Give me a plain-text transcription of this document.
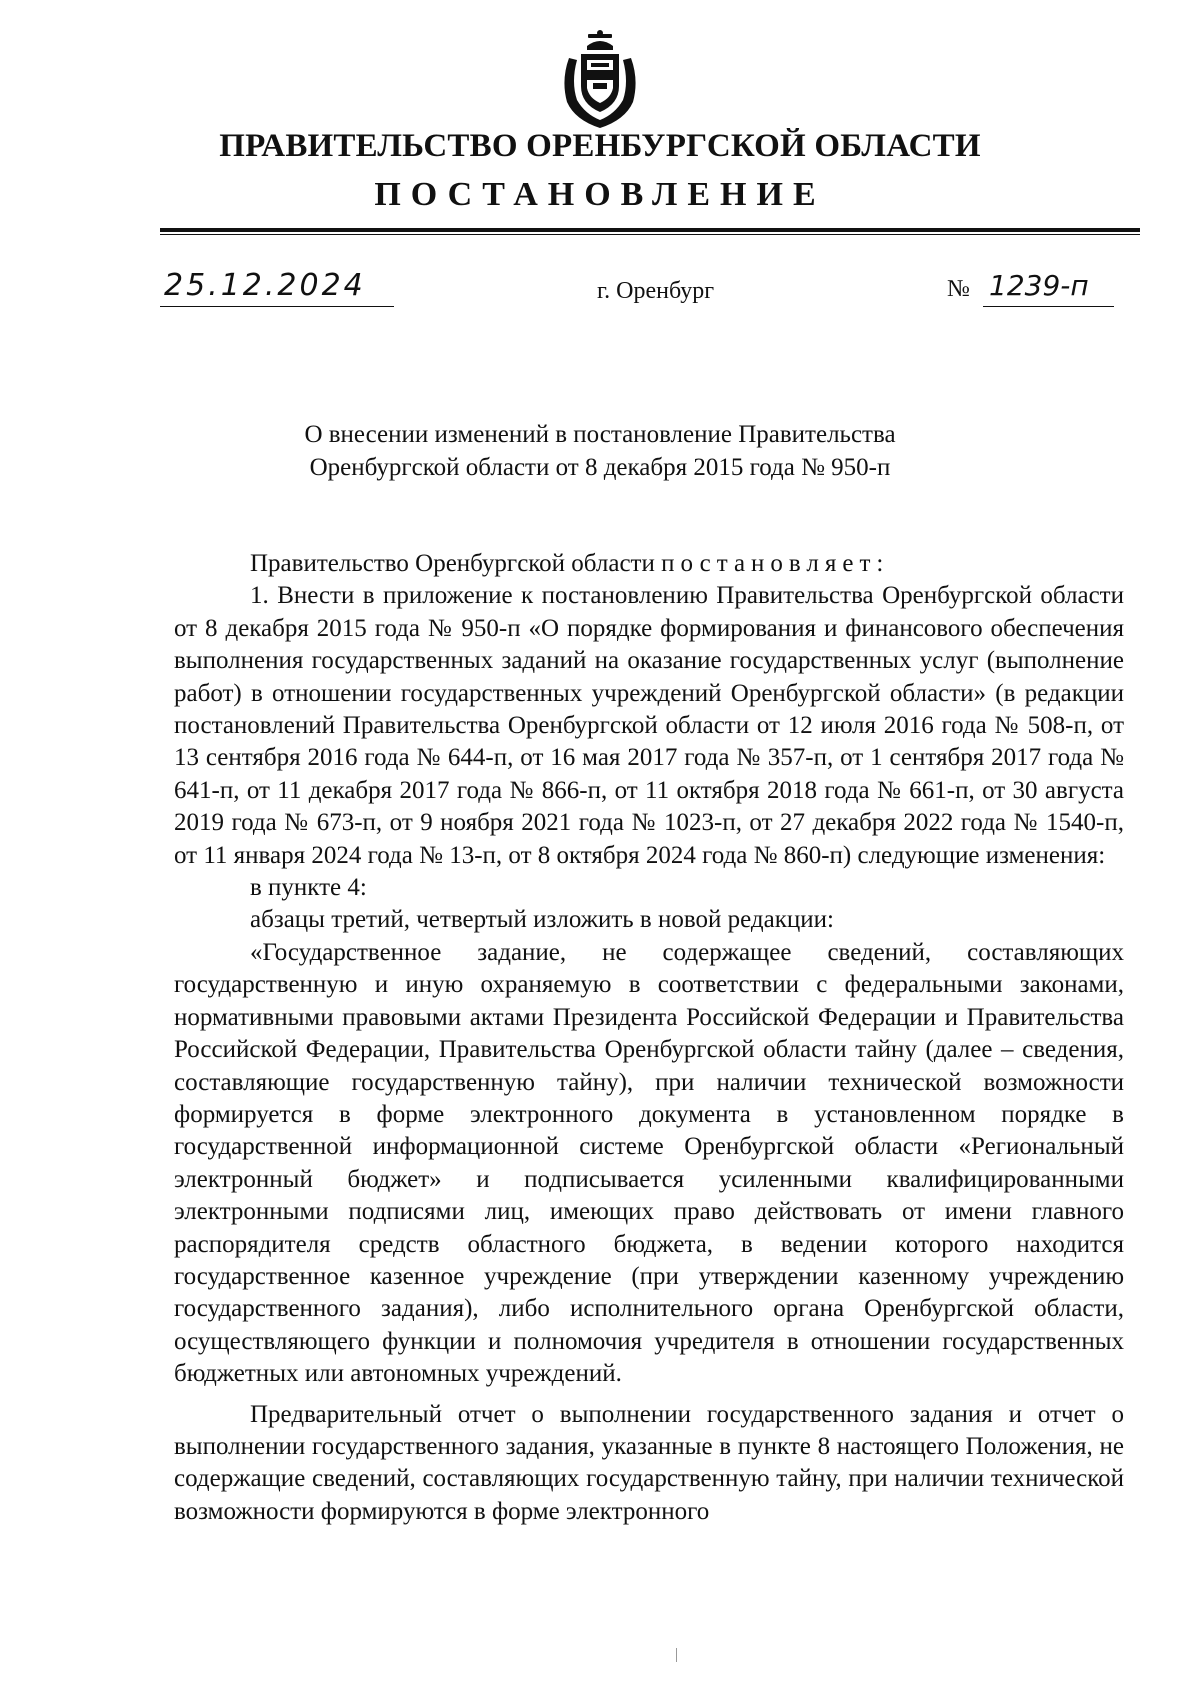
ПРАВИТЕЛЬСТВО ОРЕНБУРГСКОЙ ОБЛАСТИ
ПОСТАНОВЛЕНИЕ
25.12.2024	г. Оренбург	№ 1239-п
О внесении изменений в постановление Правительства
Оренбургской области от 8 декабря 2015 года № 950-п

Правительство Оренбургской области постановляет:

1. Внести в приложение к постановлению Правительства Оренбургской области от 8 декабря 2015 года № 950-п «О порядке формирования и финансового обеспечения выполнения государственных заданий на оказание государственных услуг (выполнение работ) в отношении государственных учреждений Оренбургской области» (в редакции постановлений Правительства Оренбургской области от 12 июля 2016 года № 508-п, от 13 сентября 2016 года № 644-п, от 16 мая 2017 года № 357-п, от 1 сентября 2017 года № 641-п, от 11 декабря 2017 года № 866-п, от 11 октября 2018 года № 661-п, от 30 августа 2019 года № 673-п, от 9 ноября 2021 года № 1023-п, от 27 декабря 2022 года № 1540-п, от 11 января 2024 года № 13-п, от 8 октября 2024 года № 860-п) следующие изменения:

в пункте 4:

абзацы третий, четвертый изложить в новой редакции:

«Государственное задание, не содержащее сведений, составляющих государственную и иную охраняемую в соответствии с федеральными законами, нормативными правовыми актами Президента Российской Федерации и Правительства Российской Федерации, Правительства Оренбургской области тайну (далее – сведения, составляющие государственную тайну), при наличии технической возможности формируется в форме электронного документа в установленном порядке в государственной информационной системе Оренбургской области «Региональный электронный бюджет» и подписывается усиленными квалифицированными электронными подписями лиц, имеющих право действовать от имени главного распорядителя средств областного бюджета, в ведении которого находится государственное казенное учреждение (при утверждении казенному учреждению государственного задания), либо исполнительного органа Оренбургской области, осуществляющего функции и полномочия учредителя в отношении государственных бюджетных или автономных учреждений.

Предварительный отчет о выполнении государственного задания и отчет о выполнении государственного задания, указанные в пункте 8 настоящего Положения, не содержащие сведений, составляющих государственную тайну, при наличии технической возможности формируются в форме электронного
